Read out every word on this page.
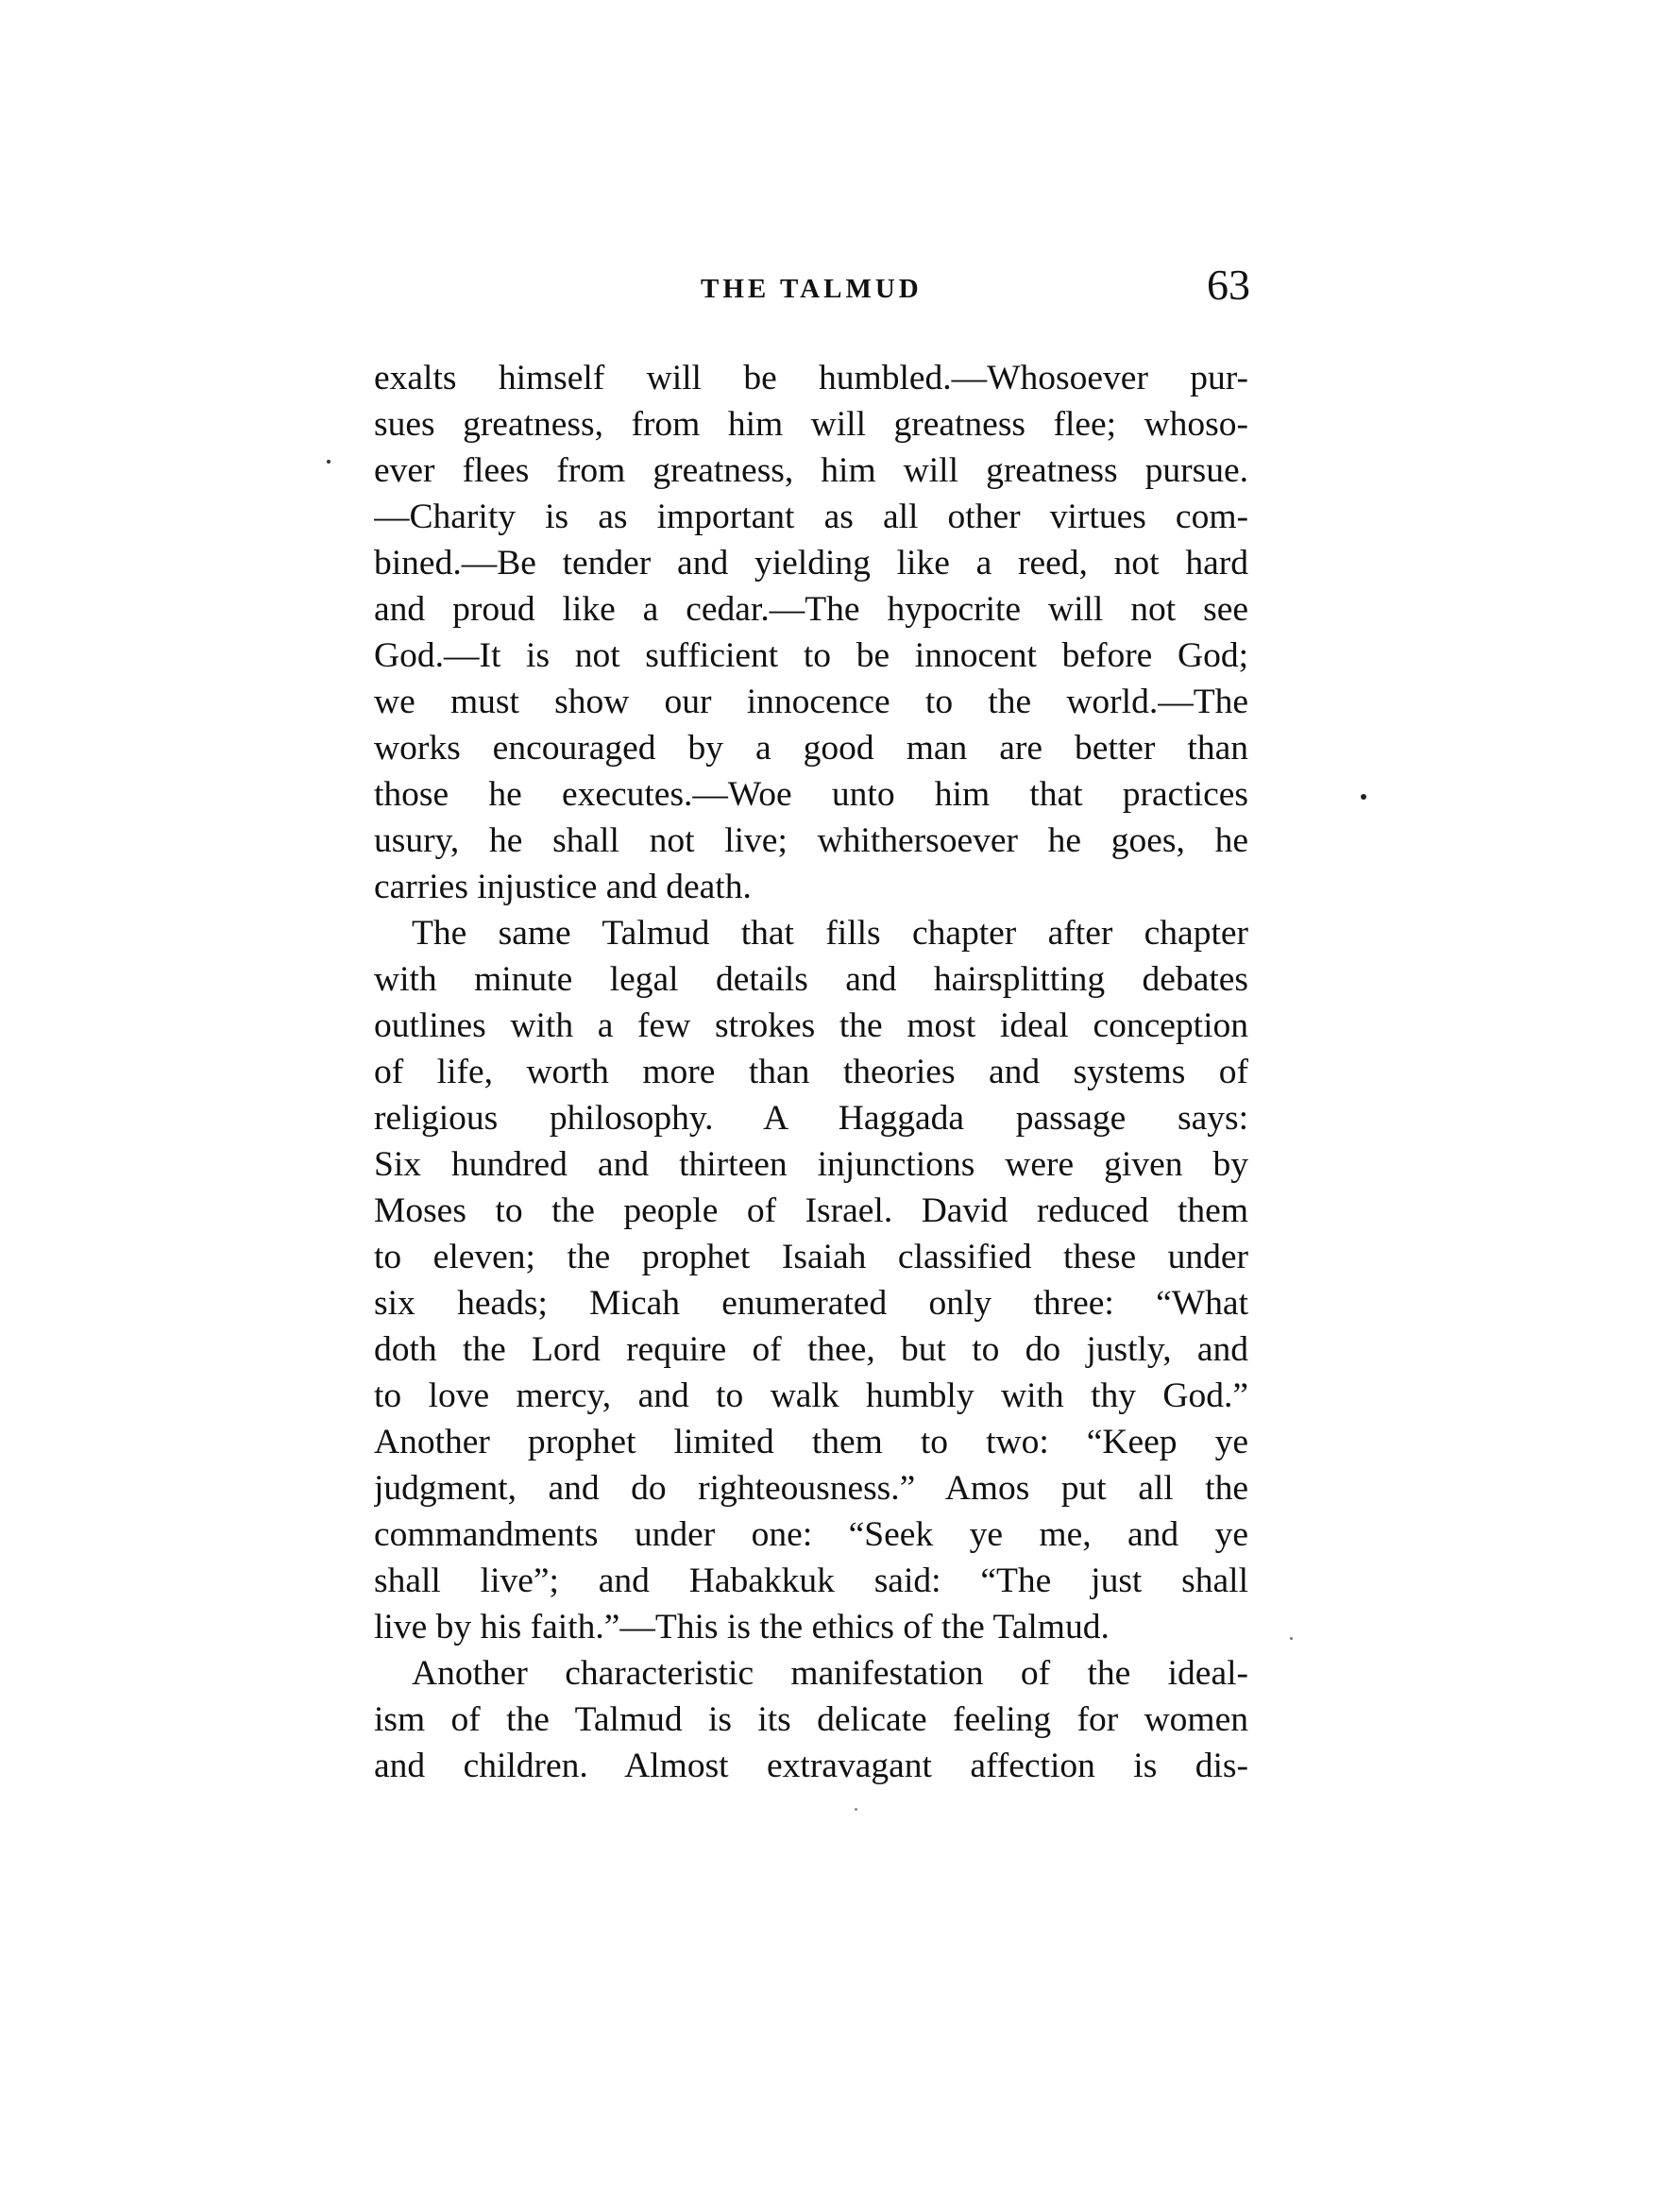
THE TALMUD	63
exalts himself will be humbled.—Whosoever pur-
sues greatness, from him will greatness flee; whoso-
ever flees from greatness, him will greatness pursue.
—Charity is as important as all other virtues com-
bined.—Be tender and yielding like a reed, not hard
and proud like a cedar.—The hypocrite will not see
God.—It is not sufficient to be innocent before God;
we must show our innocence to the world.—The
works encouraged by a good man are better than
those he executes.—Woe unto him that practices
usury, he shall not live; whithersoever he goes, he
carries injustice and death.
The same Talmud that fills chapter after chapter
with minute legal details and hairsplitting debates
outlines with a few strokes the most ideal conception
of life, worth more than theories and systems of
religious philosophy. A Haggada passage says:
Six hundred and thirteen injunctions were given by
Moses to the people of Israel. David reduced them
to eleven; the prophet Isaiah classified these under
six heads; Micah enumerated only three: “What
doth the Lord require of thee, but to do justly, and
to love mercy, and to walk humbly with thy God.”
Another prophet limited them to two: “Keep ye
judgment, and do righteousness.” Amos put all the
commandments under one: “Seek ye me, and ye
shall live”; and Habakkuk said: “The just shall
live by his faith.”—This is the ethics of the Talmud.
Another characteristic manifestation of the ideal-
ism of the Talmud is its delicate feeling for women
and children. Almost extravagant affection is dis-
